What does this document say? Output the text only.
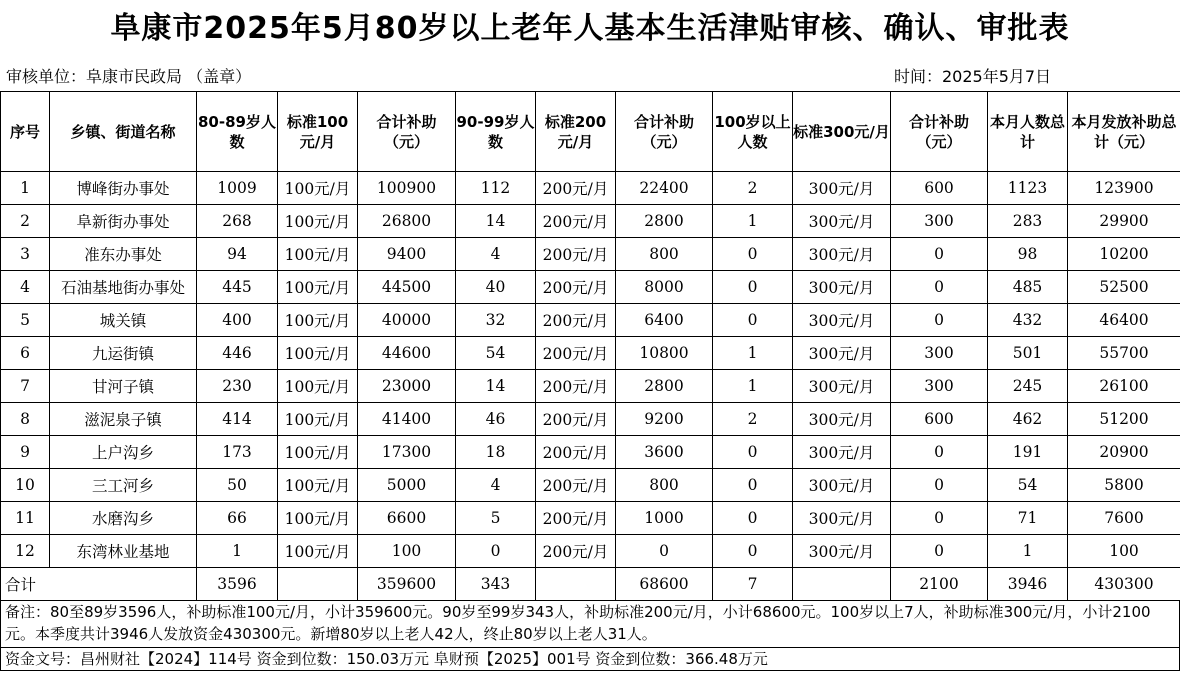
阜康市2025年5月80岁以上老年人基本生活津贴审核、确认、审批表
审核单位：阜康市民政局 （盖章）	时间：2025年5月7日
序号	乡镇、街道名称	80-89岁人数	标准100元/月	合计补助（元）	90-99岁人数	标准200元/月	合计补助（元）	100岁以上人数	标准300元/月	合计补助（元）	本月人数总计	本月发放补助总计（元）
1	博峰街办事处	1009	100元/月	100900	112	200元/月	22400	2	300元/月	600	1123	123900
2	阜新街办事处	268	100元/月	26800	14	200元/月	2800	1	300元/月	300	283	29900
3	准东办事处	94	100元/月	9400	4	200元/月	800	0	300元/月	0	98	10200
4	石油基地街办事处	445	100元/月	44500	40	200元/月	8000	0	300元/月	0	485	52500
5	城关镇	400	100元/月	40000	32	200元/月	6400	0	300元/月	0	432	46400
6	九运街镇	446	100元/月	44600	54	200元/月	10800	1	300元/月	300	501	55700
7	甘河子镇	230	100元/月	23000	14	200元/月	2800	1	300元/月	300	245	26100
8	滋泥泉子镇	414	100元/月	41400	46	200元/月	9200	2	300元/月	600	462	51200
9	上户沟乡	173	100元/月	17300	18	200元/月	3600	0	300元/月	0	191	20900
10	三工河乡	50	100元/月	5000	4	200元/月	800	0	300元/月	0	54	5800
11	水磨沟乡	66	100元/月	6600	5	200元/月	1000	0	300元/月	0	71	7600
12	东湾林业基地	1	100元/月	100	0	200元/月	0	0	300元/月	0	1	100
合计		3596		359600	343		68600	7		2100	3946	430300
备注：80至89岁3596人，补助标准100元/月，小计359600元。90岁至99岁343人，补助标准200元/月，小计68600元。100岁以上7人，补助标准300元/月，小计2100元。本季度共计3946人发放资金430300元。新增80岁以上老人42人，终止80岁以上老人31人。
资金文号：昌州财社【2024】114号 资金到位数：150.03万元 阜财预【2025】001号 资金到位数：366.48万元
